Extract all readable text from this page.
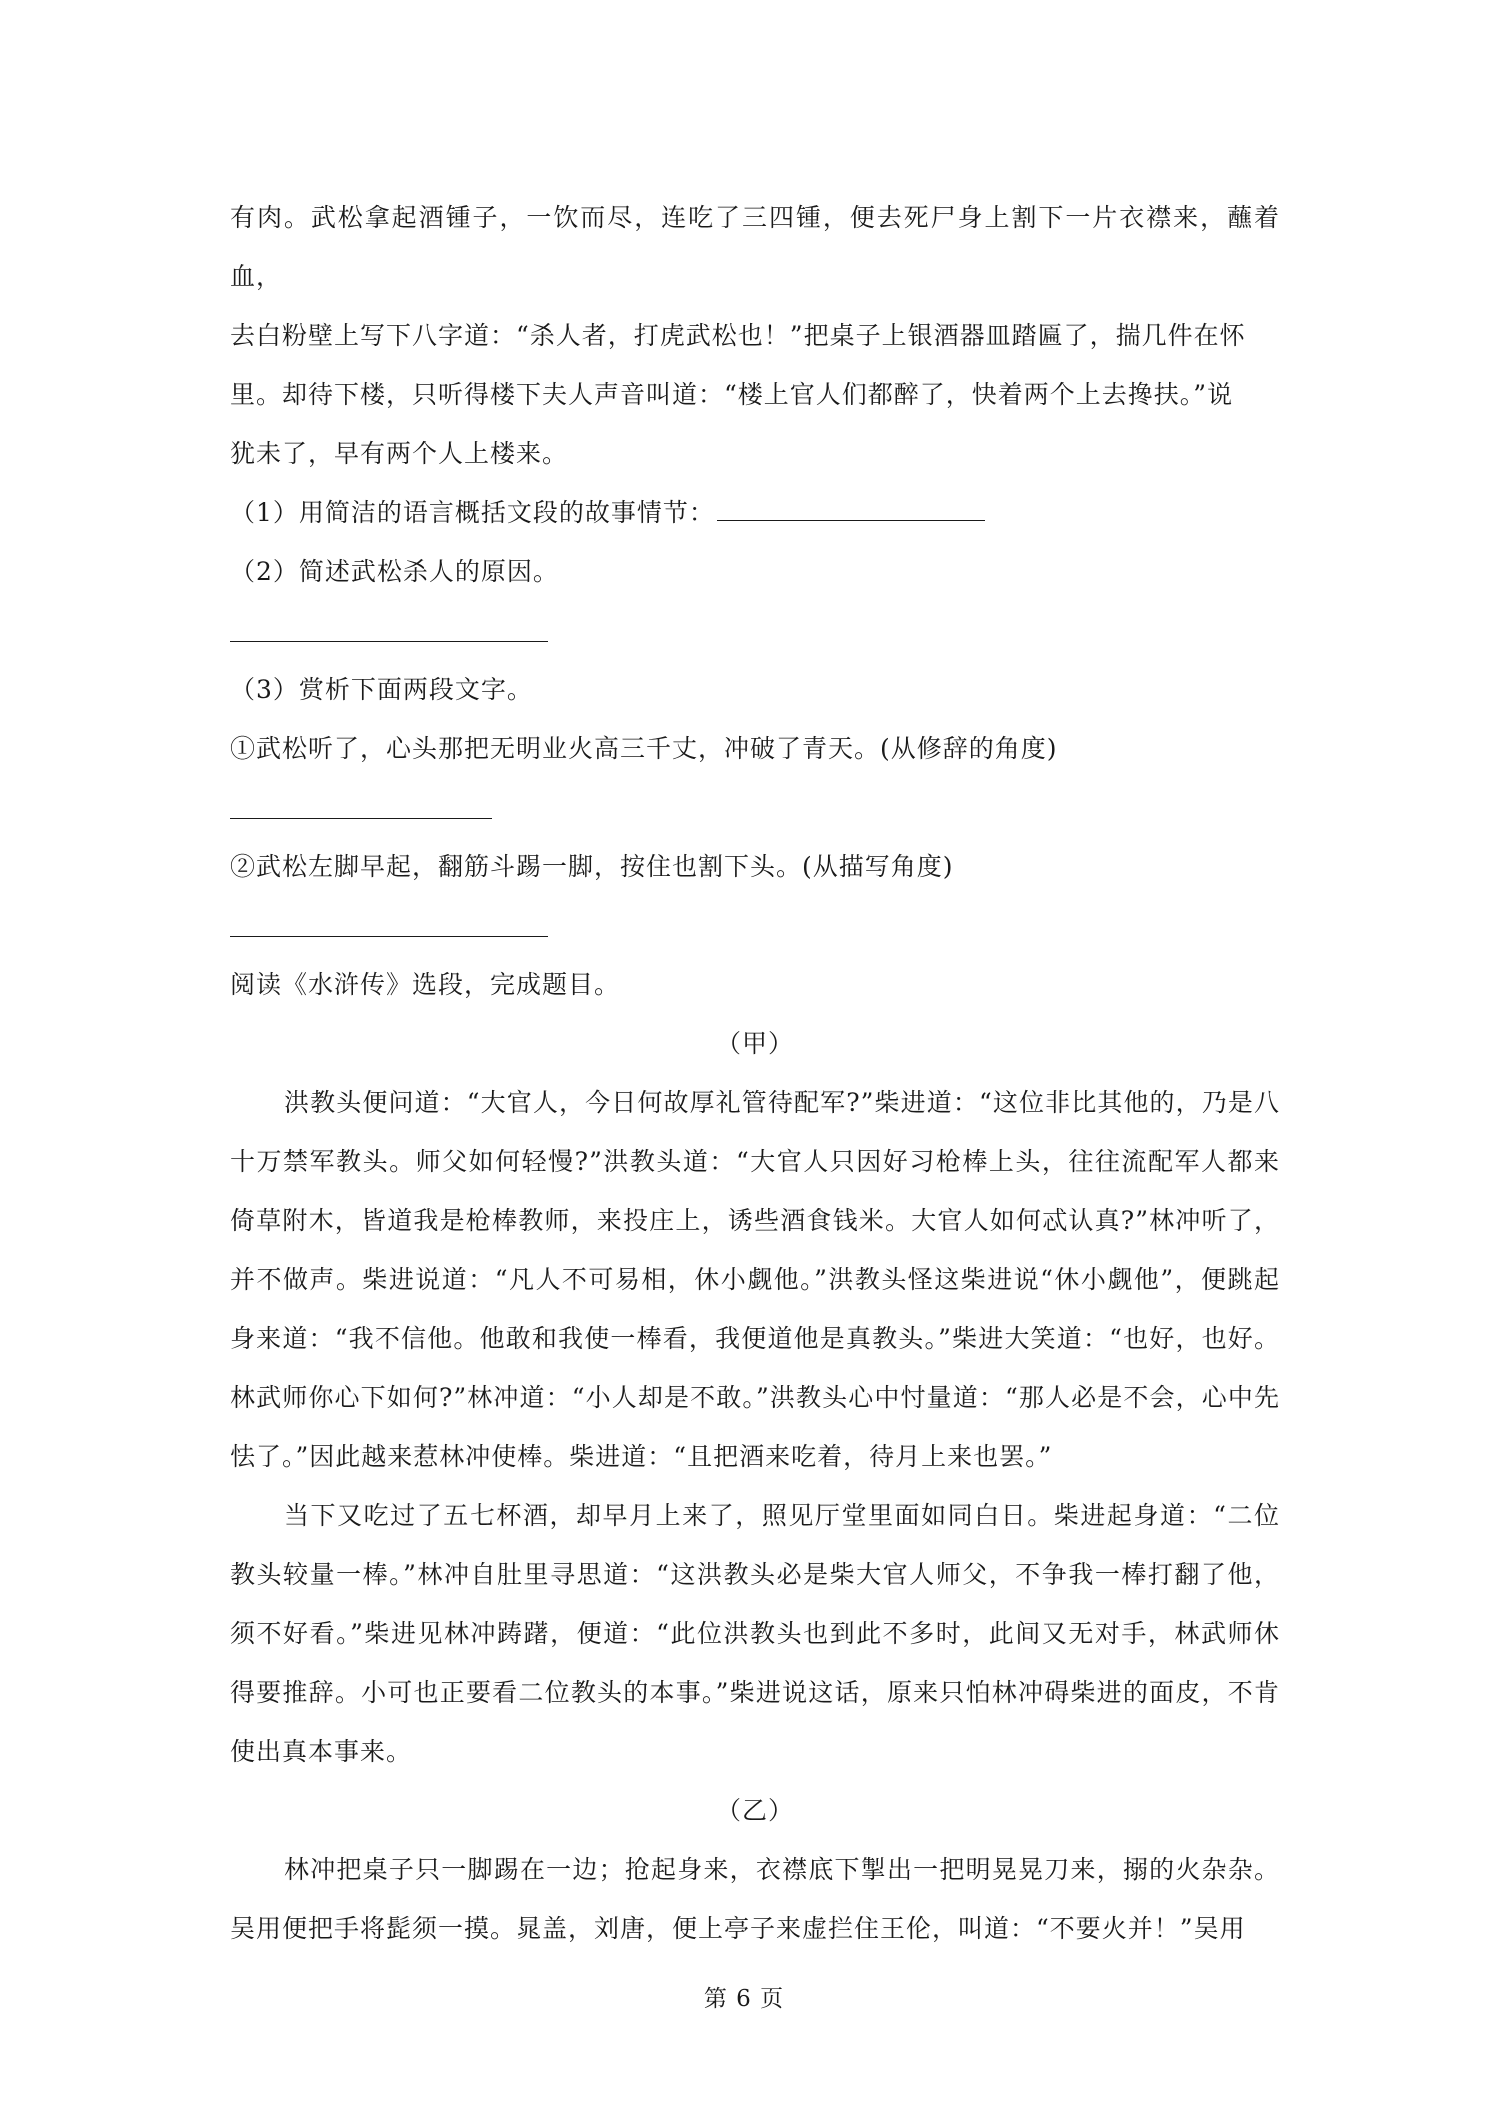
有肉。武松拿起酒锺子，一饮而尽，连吃了三四锺，便去死尸身上割下一片衣襟来，蘸着血，

去白粉壁上写下八字道：“杀人者，打虎武松也！”把桌子上银酒器皿踏匾了，揣几件在怀

里。却待下楼，只听得楼下夫人声音叫道：“楼上官人们都醉了，快着两个上去搀扶。”说

犹未了，早有两个人上楼来。

（1）用简洁的语言概括文段的故事情节：

（2）简述武松杀人的原因。

（3）赏析下面两段文字。

①武松听了，心头那把无明业火高三千丈，冲破了青天。(从修辞的角度)

②武松左脚早起，翻筋斗踢一脚，按住也割下头。(从描写角度)

阅读《水浒传》选段，完成题目。

（甲）

洪教头便问道：“大官人，今日何故厚礼管待配军?”柴进道：“这位非比其他的，乃是八十万禁军教头。师父如何轻慢?”洪教头道：“大官人只因好习枪棒上头，往往流配军人都来倚草附木，皆道我是枪棒教师，来投庄上，诱些酒食钱米。大官人如何忒认真?”林冲听了，并不做声。柴进说道：“凡人不可易相，休小觑他。”洪教头怪这柴进说“休小觑他”，便跳起身来道：“我不信他。他敢和我使一棒看，我便道他是真教头。”柴进大笑道：“也好，也好。林武师你心下如何?”林冲道：“小人却是不敢。”洪教头心中忖量道：“那人必是不会，心中先怯了。”因此越来惹林冲使棒。柴进道：“且把酒来吃着，待月上来也罢。”

当下又吃过了五七杯酒，却早月上来了，照见厅堂里面如同白日。柴进起身道：“二位教头较量一棒。”林冲自肚里寻思道：“这洪教头必是柴大官人师父，不争我一棒打翻了他，须不好看。”柴进见林冲踌躇，便道：“此位洪教头也到此不多时，此间又无对手，林武师休得要推辞。小可也正要看二位教头的本事。”柴进说这话，原来只怕林冲碍柴进的面皮，不肯使出真本事来。

（乙）

林冲把桌子只一脚踢在一边；抢起身来，衣襟底下掣出一把明晃晃刀来，搦的火杂杂。吴用便把手将髭须一摸。晁盖，刘唐，便上亭子来虚拦住王伦，叫道：“不要火并！”吴用

第 6 页
